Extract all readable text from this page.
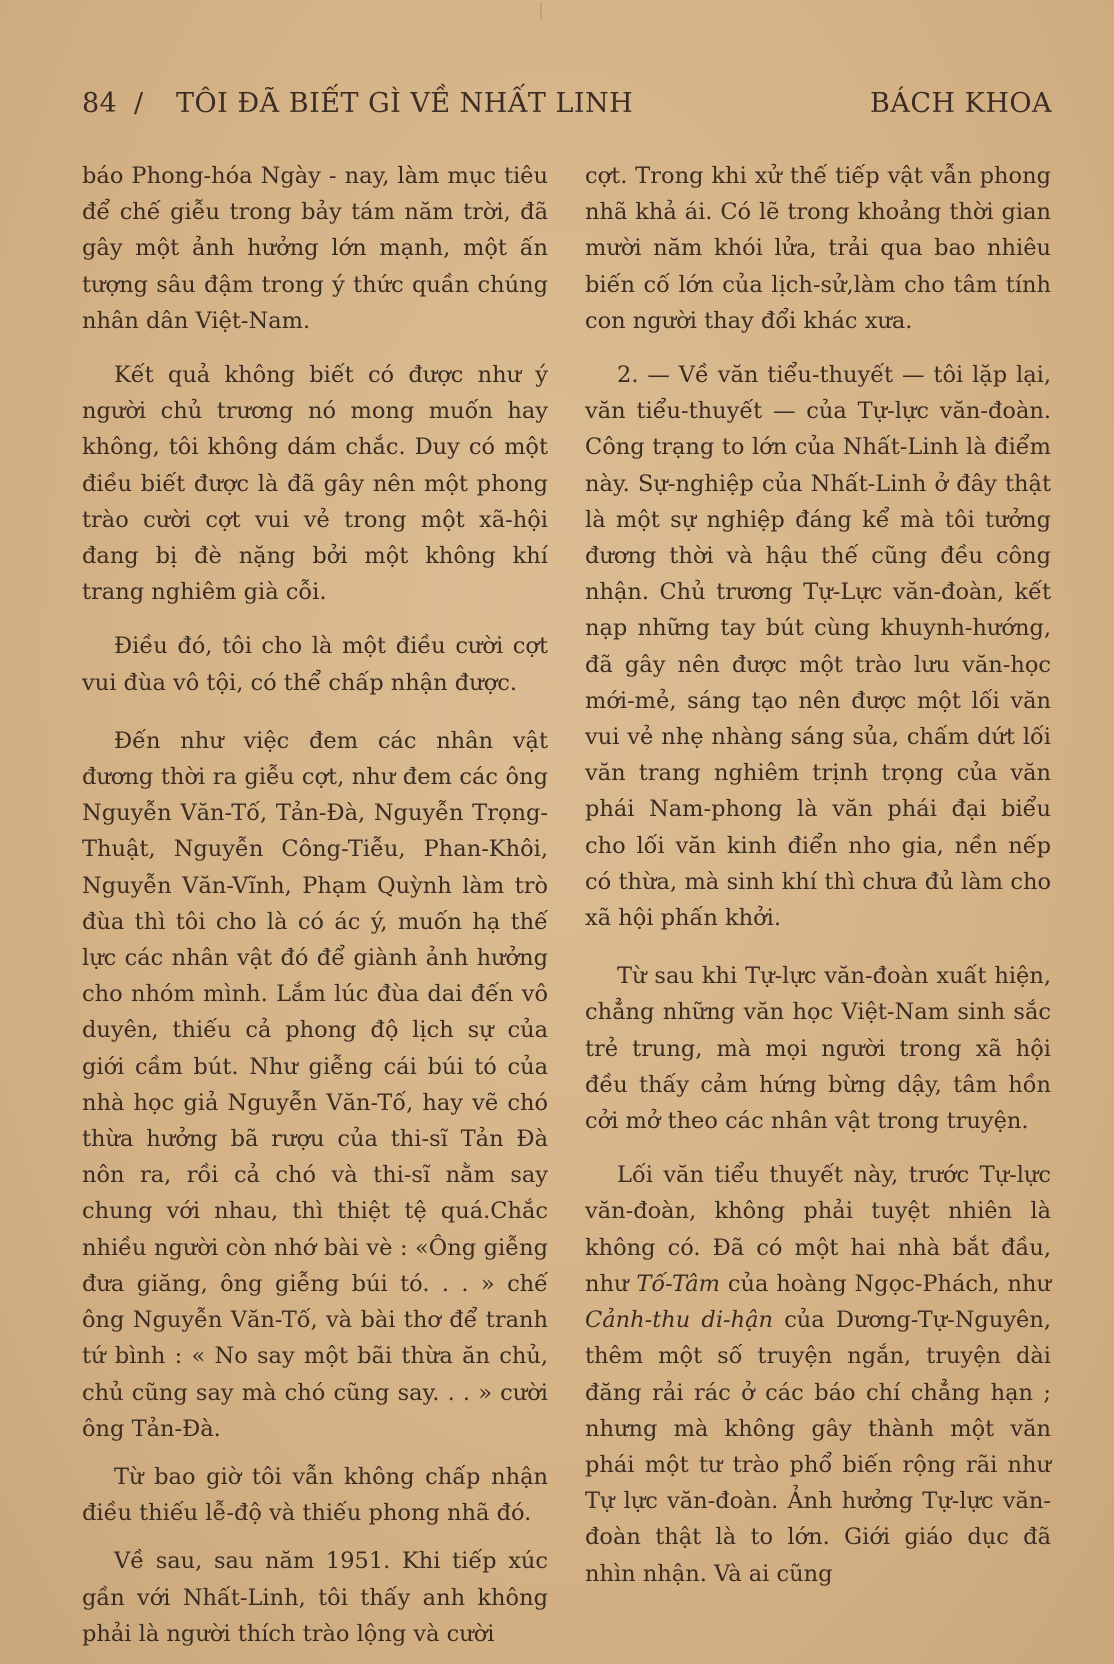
84 / TÔI ĐÃ BIẾT GÌ VỀ NHẤT LINH	BÁCH KHOA

báo Phong-hóa Ngày - nay, làm mục tiêu để chế giễu trong bảy tám năm trời, đã gây một ảnh hưởng lớn mạnh, một ấn tượng sâu đậm trong ý thức quần chúng nhân dân Việt-Nam.

Kết quả không biết có được như ý người chủ trương nó mong muốn hay không, tôi không dám chắc. Duy có một điều biết được là đã gây nên một phong trào cười cợt vui vẻ trong một xã-hội đang bị đè nặng bởi một không khí trang nghiêm già cỗi.

Điều đó, tôi cho là một điều cười cợt vui đùa vô tội, có thể chấp nhận được.

Đến như việc đem các nhân vật đương thời ra giễu cợt, như đem các ông Nguyễn Văn-Tố, Tản-Đà, Nguyễn Trọng-Thuật, Nguyễn Công-Tiễu, Phan-Khôi, Nguyễn Văn-Vĩnh, Phạm Quỳnh làm trò đùa thì tôi cho là có ác ý, muốn hạ thế lực các nhân vật đó để giành ảnh hưởng cho nhóm mình. Lắm lúc đùa dai đến vô duyên, thiếu cả phong độ lịch sự của giới cầm bút. Như giễng cái búi tó của nhà học giả Nguyễn Văn-Tố, hay vẽ chó thừa hưởng bã rượu của thi-sĩ Tản Đà nôn ra, rồi cả chó và thi-sĩ nằm say chung với nhau, thì thiệt tệ quá.Chắc nhiều người còn nhớ bài vè : «Ông giễng đưa giăng, ông giễng búi tó. . . » chế ông Nguyễn Văn-Tố, và bài thơ để tranh tứ bình : « No say một bãi thừa ăn chủ, chủ cũng say mà chó cũng say. . . » cười ông Tản-Đà.

Từ bao giờ tôi vẫn không chấp nhận điều thiếu lễ-độ và thiếu phong nhã đó.

Về sau, sau năm 1951. Khi tiếp xúc gần với Nhất-Linh, tôi thấy anh không phải là người thích trào lộng và cười

cợt. Trong khi xử thế tiếp vật vẫn phong nhã khả ái. Có lẽ trong khoảng thời gian mười năm khói lửa, trải qua bao nhiêu biến cố lớn của lịch-sử,làm cho tâm tính con người thay đổi khác xưa.

2. — Về văn tiểu-thuyết — tôi lặp lại, văn tiểu-thuyết — của Tự-lực văn-đoàn. Công trạng to lớn của Nhất-Linh là điểm này. Sự-nghiệp của Nhất-Linh ở đây thật là một sự nghiệp đáng kể mà tôi tưởng đương thời và hậu thế cũng đều công nhận. Chủ trương Tự-Lực văn-đoàn, kết nạp những tay bút cùng khuynh-hướng, đã gây nên được một trào lưu văn-học mới-mẻ, sáng tạo nên được một lối văn vui vẻ nhẹ nhàng sáng sủa, chấm dứt lối văn trang nghiêm trịnh trọng của văn phái Nam-phong là văn phái đại biểu cho lối văn kinh điển nho gia, nền nếp có thừa, mà sinh khí thì chưa đủ làm cho xã hội phấn khởi.

Từ sau khi Tự-lực văn-đoàn xuất hiện, chẳng những văn học Việt-Nam sinh sắc trẻ trung, mà mọi người trong xã hội đều thấy cảm hứng bừng dậy, tâm hồn cởi mở theo các nhân vật trong truyện.

Lối văn tiểu thuyết này, trước Tự-lực văn-đoàn, không phải tuyệt nhiên là không có. Đã có một hai nhà bắt đầu, như Tố-Tâm của hoàng Ngọc-Phách, như Cảnh-thu di-hận của Dương-Tự-Nguyên, thêm một số truyện ngắn, truyện dài đăng rải rác ở các báo chí chẳng hạn ; nhưng mà không gây thành một văn phái một tư trào phổ biến rộng rãi như Tự lực văn-đoàn. Ảnh hưởng Tự-lực văn-đoàn thật là to lớn. Giới giáo dục đã nhìn nhận. Và ai cũng
